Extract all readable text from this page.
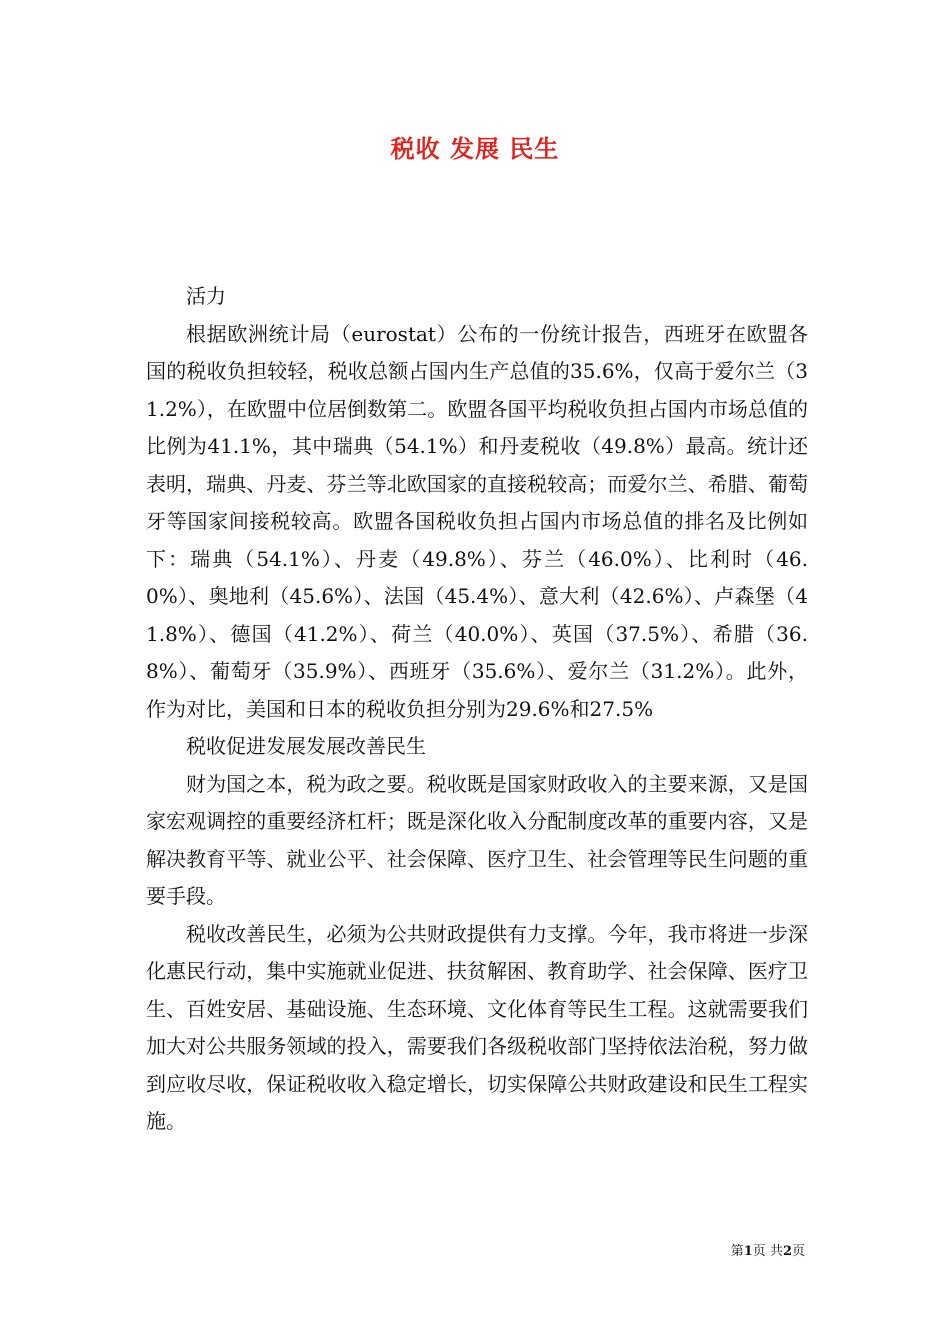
税收 发展 民生

活力

根据欧洲统计局（eurostat）公布的一份统计报告，西班牙在欧盟各国的税收负担较轻，税收总额占国内生产总值的35.6%，仅高于爱尔兰（31.2%），在欧盟中位居倒数第二。欧盟各国平均税收负担占国内市场总值的比例为41.1%，其中瑞典（54.1%）和丹麦税收（49.8%）最高。统计还表明，瑞典、丹麦、芬兰等北欧国家的直接税较高；而爱尔兰、希腊、葡萄牙等国家间接税较高。欧盟各国税收负担占国内市场总值的排名及比例如下：瑞典（54.1%）、丹麦（49.8%）、芬兰（46.0%）、比利时（46.0%）、奥地利（45.6%）、法国（45.4%）、意大利（42.6%）、卢森堡（41.8%）、德国（41.2%）、荷兰（40.0%）、英国（37.5%）、希腊（36.8%）、葡萄牙（35.9%）、西班牙（35.6%）、爱尔兰（31.2%）。此外，作为对比，美国和日本的税收负担分别为29.6%和27.5%

税收促进发展发展改善民生

财为国之本，税为政之要。税收既是国家财政收入的主要来源，又是国家宏观调控的重要经济杠杆；既是深化收入分配制度改革的重要内容，又是解决教育平等、就业公平、社会保障、医疗卫生、社会管理等民生问题的重要手段。

税收改善民生，必须为公共财政提供有力支撑。今年，我市将进一步深化惠民行动，集中实施就业促进、扶贫解困、教育助学、社会保障、医疗卫生、百姓安居、基础设施、生态环境、文化体育等民生工程。这就需要我们加大对公共服务领域的投入，需要我们各级税收部门坚持依法治税，努力做到应收尽收，保证税收收入稳定增长，切实保障公共财政建设和民生工程实施。

第1页 共2页
